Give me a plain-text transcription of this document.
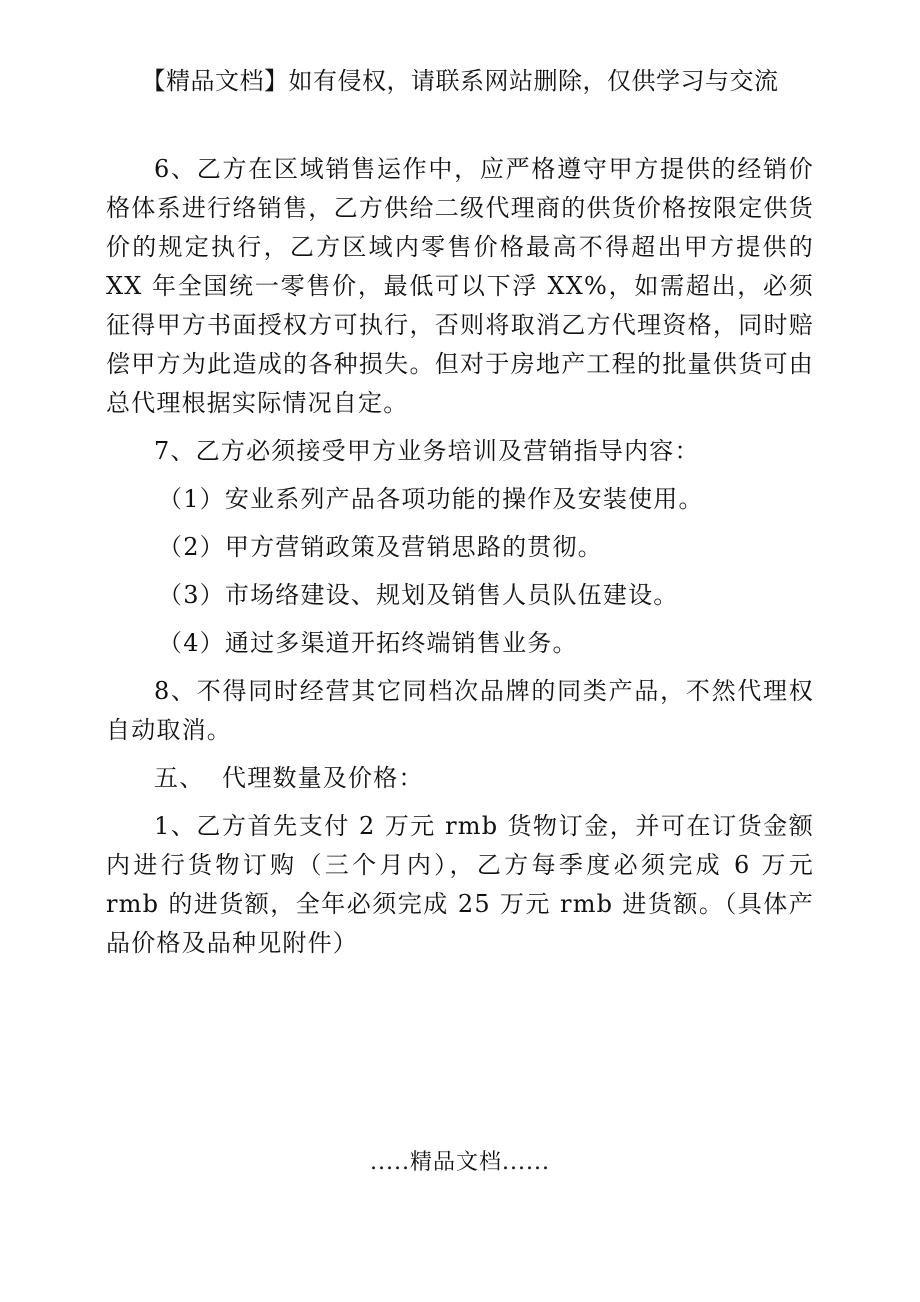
【精品文档】如有侵权，请联系网站删除，仅供学习与交流

6、乙方在区域销售运作中，应严格遵守甲方提供的经销价格体系进行络销售，乙方供给二级代理商的供货价格按限定供货价的规定执行，乙方区域内零售价格最高不得超出甲方提供的 XX 年全国统一零售价，最低可以下浮 XX%，如需超出，必须征得甲方书面授权方可执行，否则将取消乙方代理资格，同时赔偿甲方为此造成的各种损失。但对于房地产工程的批量供货可由总代理根据实际情况自定。

7、乙方必须接受甲方业务培训及营销指导内容：

（1）安业系列产品各项功能的操作及安装使用。

（2）甲方营销政策及营销思路的贯彻。

（3）市场络建设、规划及销售人员队伍建设。

（4）通过多渠道开拓终端销售业务。

8、不得同时经营其它同档次品牌的同类产品，不然代理权自动取消。

五、  代理数量及价格：

1、乙方首先支付 2 万元 rmb 货物订金，并可在订货金额内进行货物订购（三个月内），乙方每季度必须完成 6 万元 rmb 的进货额，全年必须完成 25 万元 rmb 进货额。（具体产品价格及品种见附件）

.....精品文档......
